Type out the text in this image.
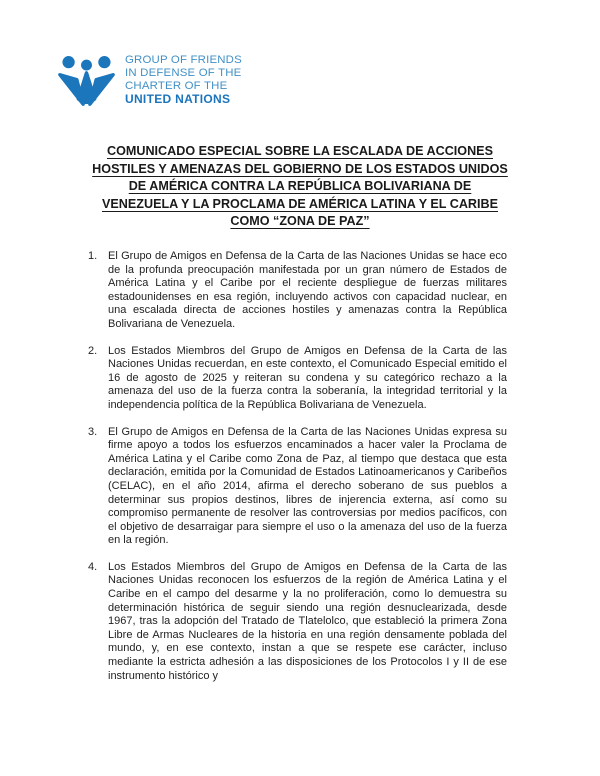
GROUP OF FRIENDS
IN DEFENSE OF THE
CHARTER OF THE
UNITED NATIONS
COMUNICADO ESPECIAL SOBRE LA ESCALADA DE ACCIONES
HOSTILES Y AMENAZAS DEL GOBIERNO DE LOS ESTADOS UNIDOS
DE AMÉRICA CONTRA LA REPÚBLICA BOLIVARIANA DE
VENEZUELA Y LA PROCLAMA DE AMÉRICA LATINA Y EL CARIBE
COMO “ZONA DE PAZ”
1. El Grupo de Amigos en Defensa de la Carta de las Naciones Unidas se hace eco de la profunda preocupación manifestada por un gran número de Estados de América Latina y el Caribe por el reciente despliegue de fuerzas militares estadounidenses en esa región, incluyendo activos con capacidad nuclear, en una escalada directa de acciones hostiles y amenazas contra la República Bolivariana de Venezuela.
2. Los Estados Miembros del Grupo de Amigos en Defensa de la Carta de las Naciones Unidas recuerdan, en este contexto, el Comunicado Especial emitido el 16 de agosto de 2025 y reiteran su condena y su categórico rechazo a la amenaza del uso de la fuerza contra la soberanía, la integridad territorial y la independencia política de la República Bolivariana de Venezuela.
3. El Grupo de Amigos en Defensa de la Carta de las Naciones Unidas expresa su firme apoyo a todos los esfuerzos encaminados a hacer valer la Proclama de América Latina y el Caribe como Zona de Paz, al tiempo que destaca que esta declaración, emitida por la Comunidad de Estados Latinoamericanos y Caribeños (CELAC), en el año 2014, afirma el derecho soberano de sus pueblos a determinar sus propios destinos, libres de injerencia externa, así como su compromiso permanente de resolver las controversias por medios pacíficos, con el objetivo de desarraigar para siempre el uso o la amenaza del uso de la fuerza en la región.
4. Los Estados Miembros del Grupo de Amigos en Defensa de la Carta de las Naciones Unidas reconocen los esfuerzos de la región de América Latina y el Caribe en el campo del desarme y la no proliferación, como lo demuestra su determinación histórica de seguir siendo una región desnuclearizada, desde 1967, tras la adopción del Tratado de Tlatelolco, que estableció la primera Zona Libre de Armas Nucleares de la historia en una región densamente poblada del mundo, y, en ese contexto, instan a que se respete ese carácter, incluso mediante la estricta adhesión a las disposiciones de los Protocolos I y II de ese instrumento histórico y
